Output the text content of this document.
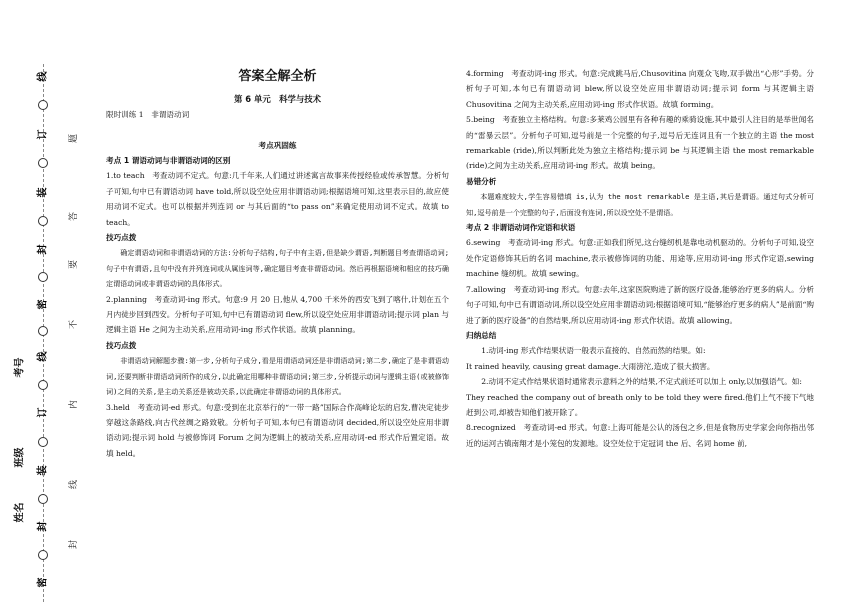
线
订
装
封
密
线
订
装
封
密
题
答
要
不
内
线
封
姓名
班级
考号
答案全解全析
第 6 单元　科学与技术
限时训练 1　非谓语动词
考点巩固练
考点 1 谓语动词与非谓语动词的区别
1.to teach　考查动词不定式。句意:几千年来,人们通过讲述寓言故事来传授经验或传承智慧。分析句子可知,句中已有谓语动词 have told,所以设空处应用非谓语动词;根据语境可知,这里表示目的,故应使用动词不定式。也可以根据并列连词 or 与其后面的“to pass on”来确定使用动词不定式。故填 to teach。
技巧点拨
确定谓语动词和非谓语动词的方法:分析句子结构,句子中有主语,但是缺少谓语,判断题目考查谓语动词;句子中有谓语,且句中没有并列连词或从属连词等,确定题目考查非谓语动词。然后再根据语境和相应的技巧确定谓语动词或非谓语动词的具体形式。
2.planning　考查动词-ing 形式。句意:9 月 20 日,他从 4,700 千米外的西安飞到了喀什,计划在五个月内徒步回到西安。分析句子可知,句中已有谓语动词 flew,所以设空处应用非谓语动词;提示词 plan 与逻辑主语 He 之间为主动关系,应用动词-ing 形式作状语。故填 planning。
技巧点拨
非谓语动词解题步骤:第一步,分析句子成分,看是用谓语动词还是非谓语动词;第二步,确定了是非谓语动词,还要判断非谓语动词所作的成分,以此确定用哪种非谓语动词;第三步,分析提示动词与逻辑主语(或被修饰词)之间的关系,是主动关系还是被动关系,以此确定非谓语动词的具体形式。
3.held　考查动词-ed 形式。句意:受到在北京举行的“一带一路”国际合作高峰论坛的启发,曹决定徒步穿越这条路线,向古代丝绸之路致敬。分析句子可知,本句已有谓语动词 decided,所以设空处应用非谓语动词;提示词 hold 与被修饰词 Forum 之间为逻辑上的被动关系,应用动词-ed 形式作后置定语。故填 held。
4.forming　考查动词-ing 形式。句意:完成跳马后,Chusovitina 向观众飞吻,双手做出“心形”手势。分析句子可知,本句已有谓语动词 blew,所以设空处应用非谓语动词;提示词 form 与其逻辑主语 Chusovitina 之间为主动关系,应用动词-ing 形式作状语。故填 forming。
5.being　考查独立主格结构。句意:多莱鸡公园里有各种有趣的乘骑设施,其中最引人注目的是举世闻名的“雷暴云层”。分析句子可知,逗号前是一个完整的句子,逗号后无连词且有一个独立的主语 the most remarkable (ride),所以判断此处为独立主格结构;提示词 be 与其逻辑主语 the most remarkable (ride)之间为主动关系,应用动词-ing 形式。故填 being。
易错分析
本题难度较大,学生容易错填 is,认为 the most remarkable 是主语,其后是谓语。通过句式分析可知,逗号前是一个完整的句子,后面没有连词,所以设空处不是谓语。
考点 2 非谓语动词作定语和状语
6.sewing　考查动词-ing 形式。句意:正如我们所见,这台缝纫机是靠电动机驱动的。分析句子可知,设空处作定语修饰其后的名词 machine,表示被修饰词的功能、用途等,应用动词-ing 形式作定语,sewing machine 缝纫机。故填 sewing。
7.allowing　考查动词-ing 形式。句意:去年,这家医院购进了新的医疗设备,能够治疗更多的病人。分析句子可知,句中已有谓语动词,所以设空处应用非谓语动词;根据语境可知,“能够治疗更多的病人”是前面“购进了新的医疗设备”的自然结果,所以应用动词-ing 形式作状语。故填 allowing。
归纳总结
1.动词-ing 形式作结果状语一般表示直接的、自然而然的结果。如:
It rained heavily, causing great damage.大雨滂沱,造成了很大损害。
2.动词不定式作结果状语时通常表示意料之外的结果,不定式前还可以加上 only,以加强语气。如:
They reached the company out of breath only to be told they were fired.他们上气不接下气地赶到公司,却被告知他们被开除了。
8.recognized　考查动词-ed 形式。句意:上海可能是公认的汤包之乡,但是食物历史学家会向你指出邻近的运河古镇南翔才是小笼包的发源地。设空处位于定冠词 the 后、名词 home 前,
